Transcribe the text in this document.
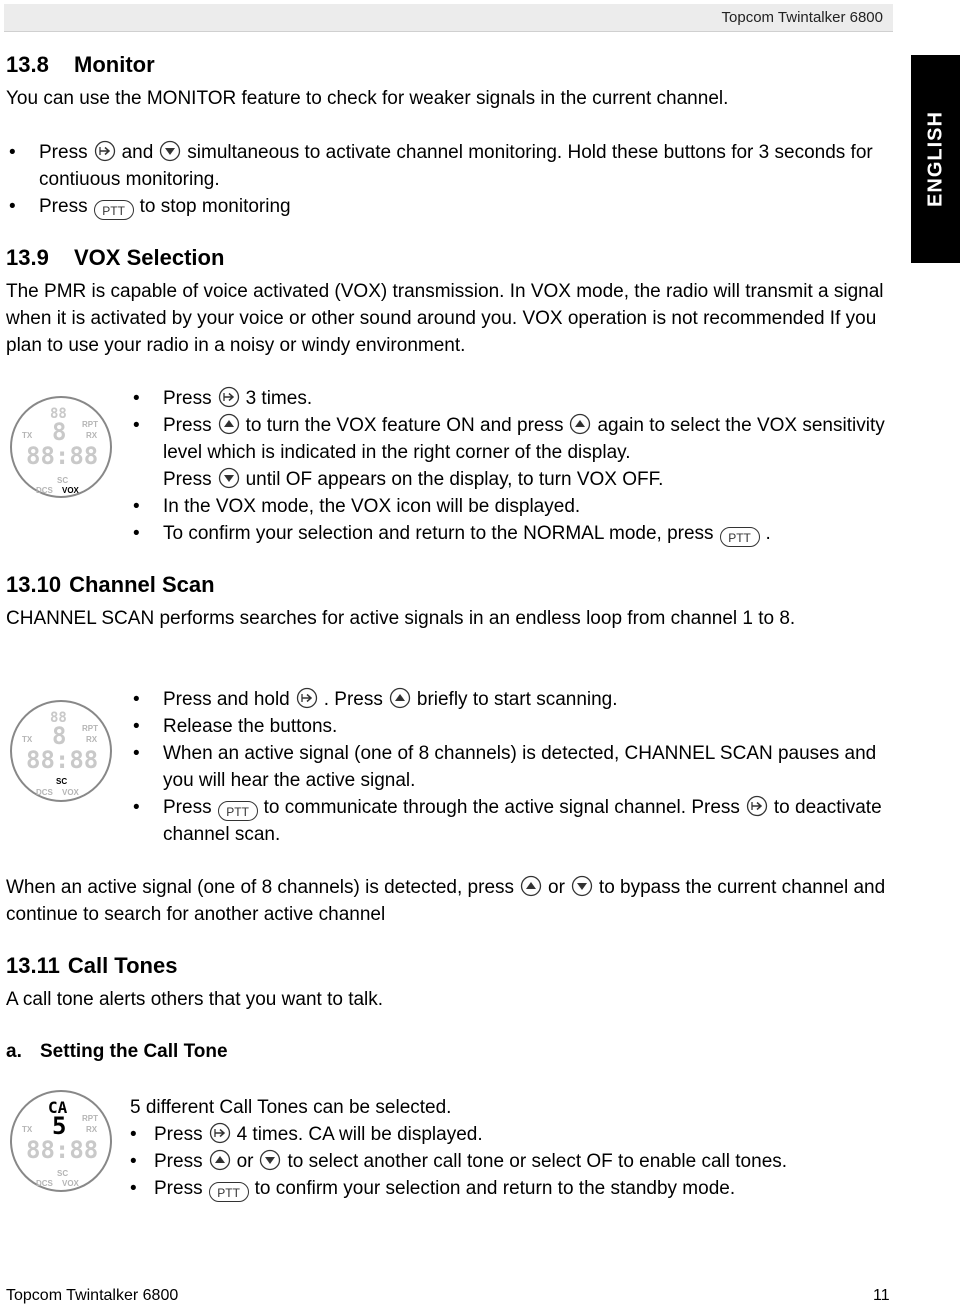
Topcom Twintalker 6800
ENGLISH
13.8 Monitor

You can use the MONITOR feature to check for weaker signals in the current channel.

• Press and simultaneous to activate channel monitoring. Hold these buttons for 3 seconds for contiuous monitoring.
• Press PTT to stop monitoring
13.9 VOX Selection

The PMR is capable of voice activated (VOX) transmission. In VOX mode, the radio will transmit a signal when it is activated by your voice or other sound around you. VOX operation is not recommended If you plan to use your radio in a noisy or windy environment.

88
TX
RPT
RX
8
88:88
SC
DCS VOX
• Press 3 times.
• Press to turn the VOX feature ON and press again to select the VOX sensitivity level which is indicated in the right corner of the display.
Press until OF appears on the display, to turn VOX OFF.
• In the VOX mode, the VOX icon will be displayed.
• To confirm your selection and return to the NORMAL mode, press PTT .
13.10 Channel Scan

CHANNEL SCAN performs searches for active signals in an endless loop from channel 1 to 8.

88
TX
RPT
RX
8
88:88
SC
DCS VOX
• Press and hold . Press briefly to start scanning.
• Release the buttons.
• When an active signal (one of 8 channels) is detected, CHANNEL SCAN pauses and you will hear the active signal.
• Press PTT to communicate through the active signal channel. Press to deactivate channel scan.

When an active signal (one of 8 channels) is detected, press or to bypass the current channel and continue to search for another active channel

13.11 Call Tones

A call tone alerts others that you want to talk.

a. Setting the Call Tone
CA
TX
RPT
RX
5
88:88
SC
DCS VOX

5 different Call Tones can be selected.

• Press 4 times. CA will be displayed.
• Press or to select another call tone or select OF to enable call tones.
• Press PTT to confirm your selection and return to the standby mode.
Topcom Twintalker 6800	11
